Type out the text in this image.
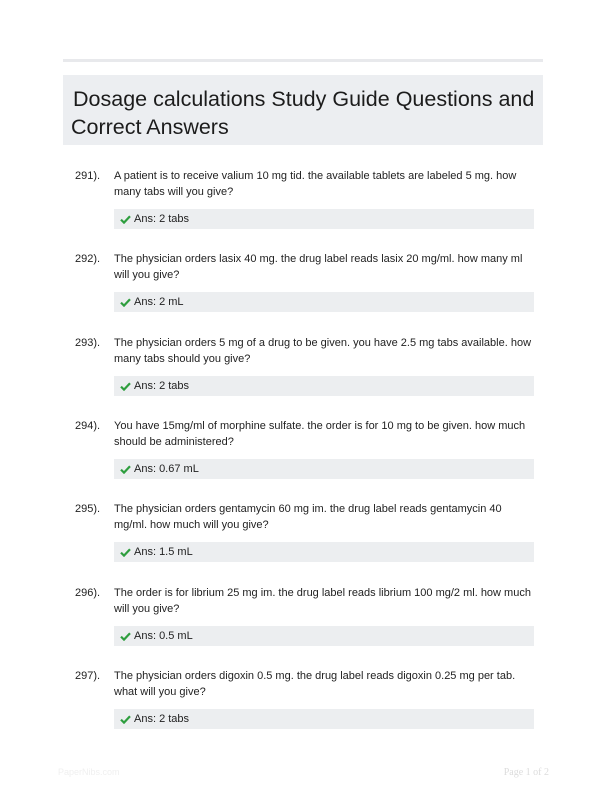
Dosage calculations Study Guide Questions and
Correct Answers
291). A patient is to receive valium 10 mg tid. the available tablets are labeled 5 mg. how many tabs will you give?
Ans: 2 tabs
292). The physician orders lasix 40 mg. the drug label reads lasix 20 mg/ml. how many ml will you give?
Ans: 2 mL
293). The physician orders 5 mg of a drug to be given. you have 2.5 mg tabs available. how many tabs should you give?
Ans: 2 tabs
294). You have 15mg/ml of morphine sulfate. the order is for 10 mg to be given. how much should be administered?
Ans: 0.67 mL
295). The physician orders gentamycin 60 mg im. the drug label reads gentamycin 40 mg/ml. how much will you give?
Ans: 1.5 mL
296). The order is for librium 25 mg im. the drug label reads librium 100 mg/2 ml. how much will you give?
Ans: 0.5 mL
297). The physician orders digoxin 0.5 mg. the drug label reads digoxin 0.25 mg per tab. what will you give?
Ans: 2 tabs
PaperNibs.com	Page 1 of 2
